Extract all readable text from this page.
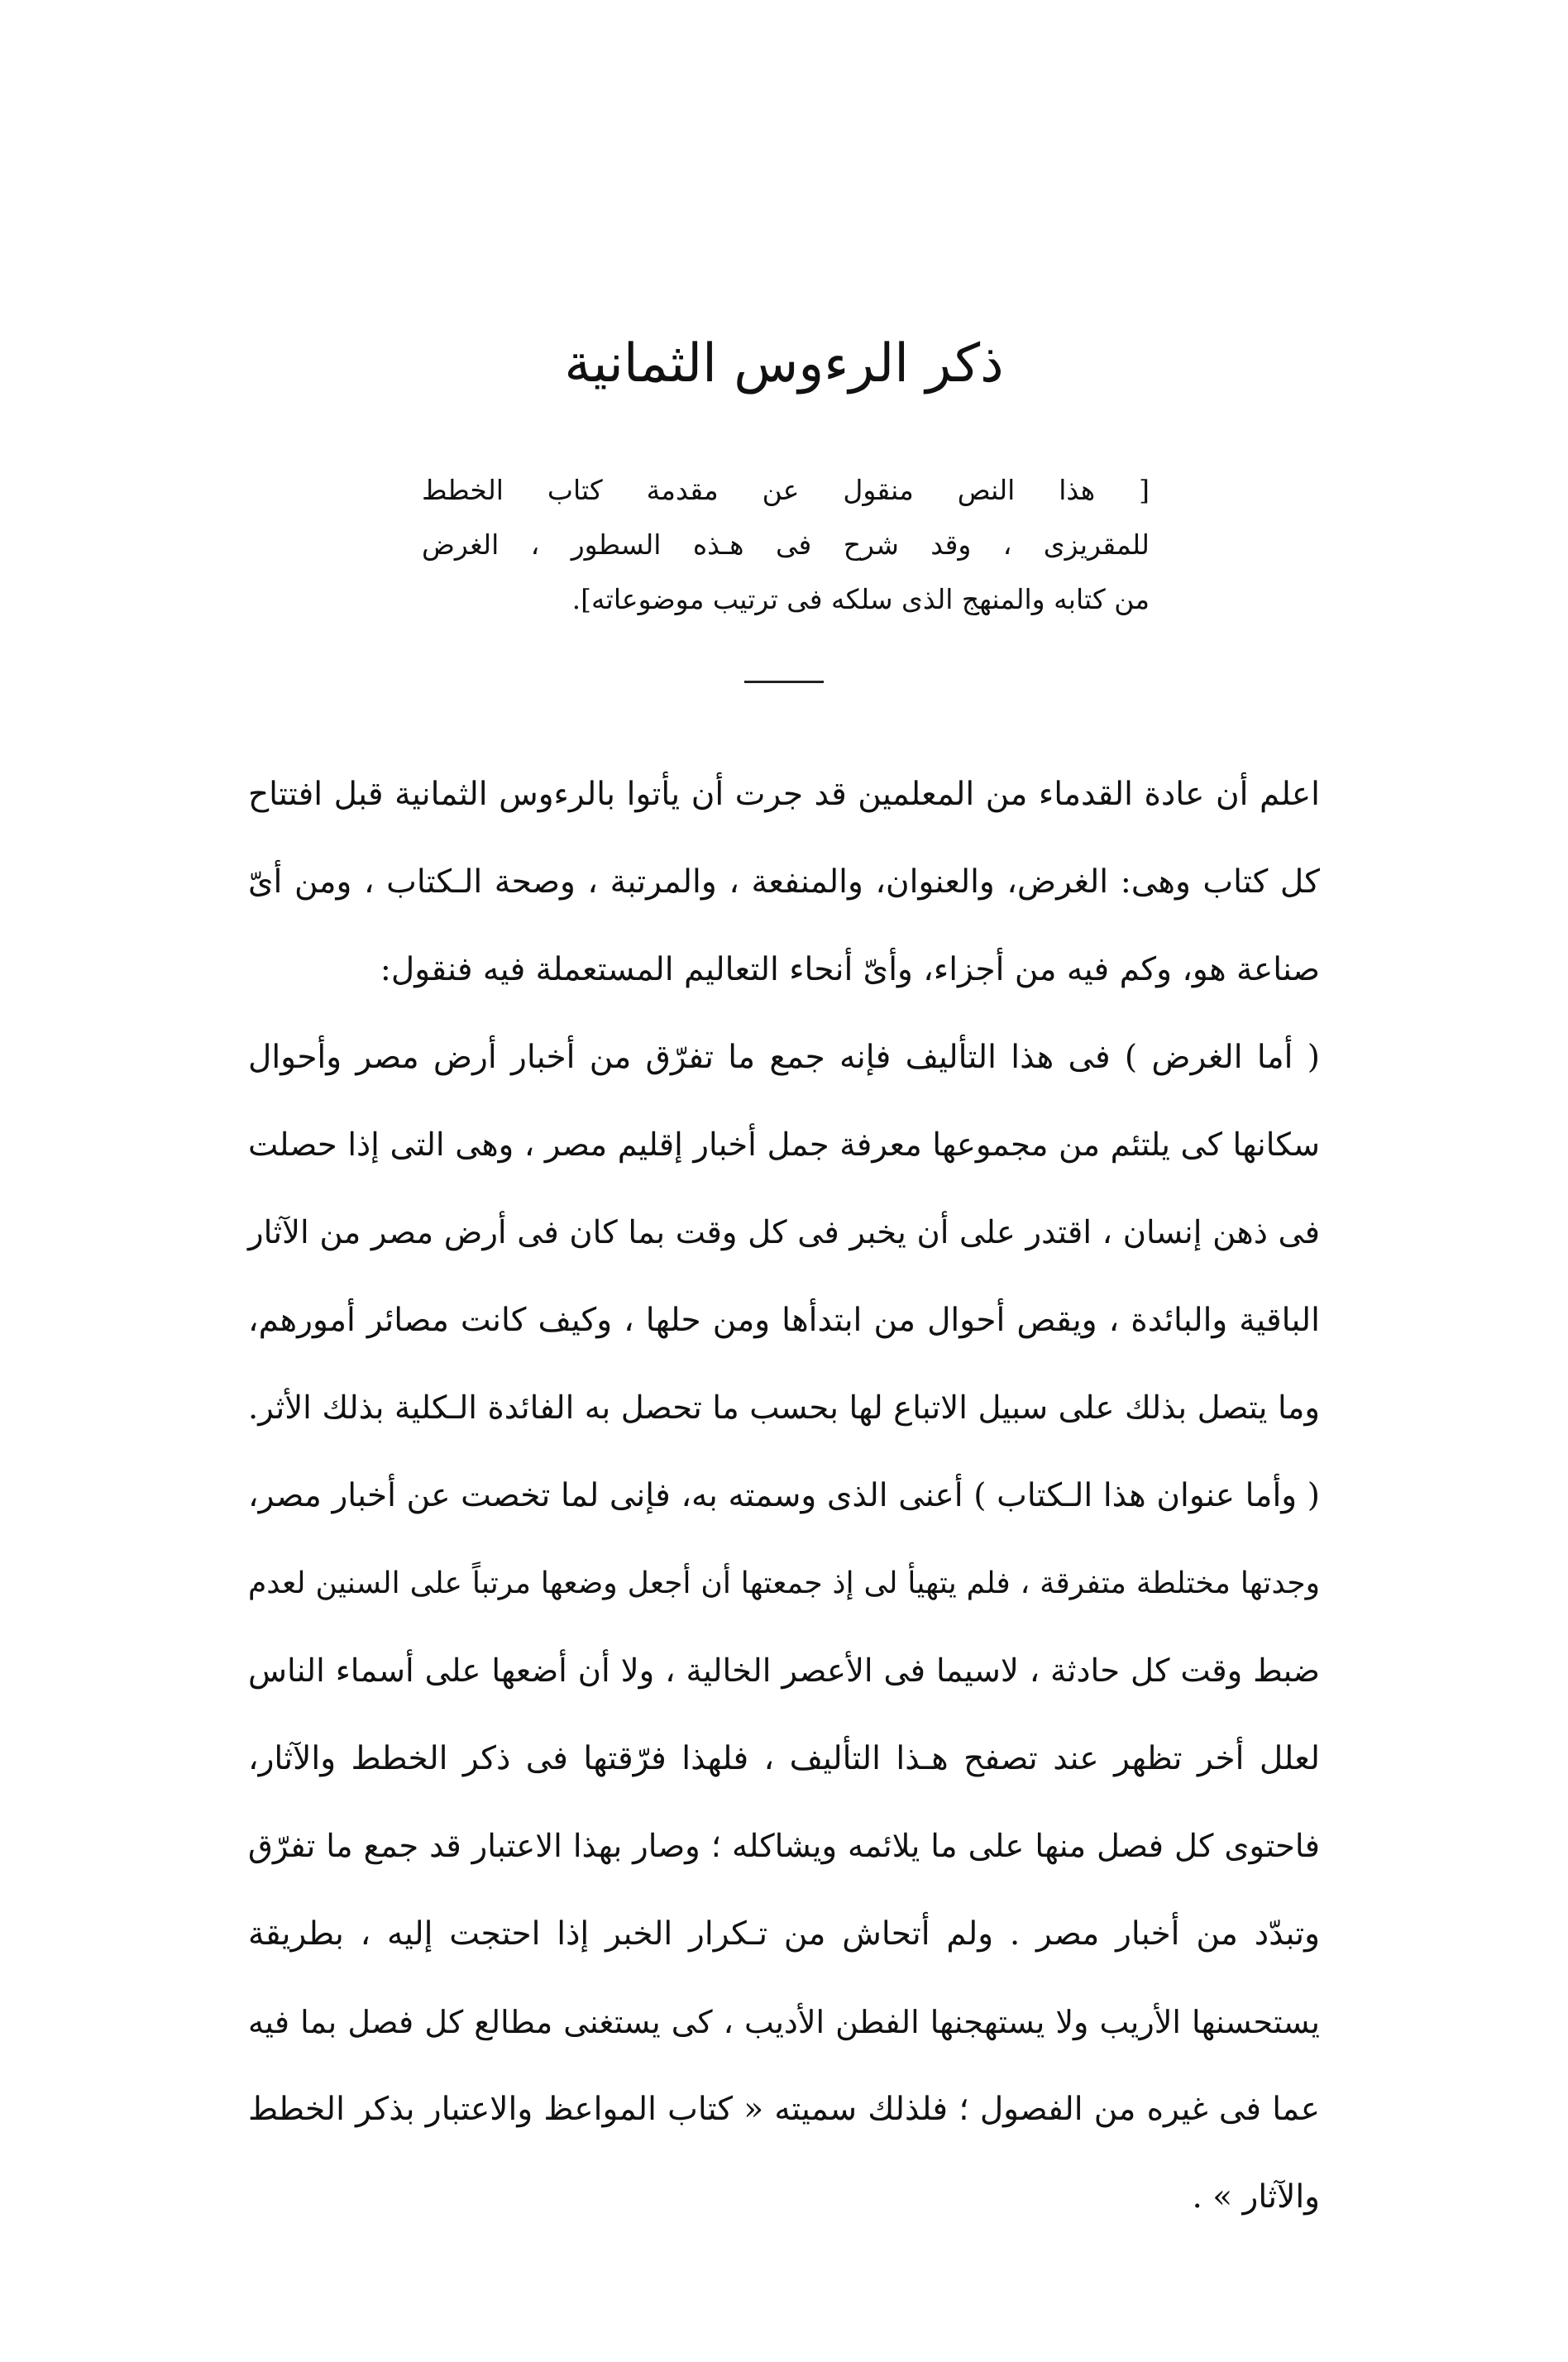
ذكر الرءوس الثمانية
[ هذا النص منقول عن مقدمة كتاب الخطط
للمقريزى ، وقد شرح فى هـذه السطور ، الغرض
من كتابه والمنهج الذى سلكه فى ترتيب موضوعاته].
اعلم أن عادة القدماء من المعلمين قد جرت أن يأتوا بالرءوس الثمانية قبل افتتاح
كل كتاب وهى: الغرض، والعنوان، والمنفعة ، والمرتبة ، وصحة الـكتاب ، ومن أىّ
صناعة هو، وكم فيه من أجزاء، وأىّ أنحاء التعاليم المستعملة فيه فنقول:
( أما الغرض ) فى هذا التأليف فإنه جمع ما تفرّق من أخبار أرض مصر وأحوال
سكانها كى يلتئم من مجموعها معرفة جمل أخبار إقليم مصر ، وهى التى إذا حصلت
فى ذهن إنسان ، اقتدر على أن يخبر فى كل وقت بما كان فى أرض مصر من الآثار
الباقية والبائدة ، ويقص أحوال من ابتدأها ومن حلها ، وكيف كانت مصائر أمورهم،
وما يتصل بذلك على سبيل الاتباع لها بحسب ما تحصل به الفائدة الـكلية بذلك الأثر.
( وأما عنوان هذا الـكتاب ) أعنى الذى وسمته به، فإنى لما تخصت عن أخبار مصر،
وجدتها مختلطة متفرقة ، فلم يتهيأ لى إذ جمعتها أن أجعل وضعها مرتباً على السنين لعدم
ضبط وقت كل حادثة ، لاسيما فى الأعصر الخالية ، ولا أن أضعها على أسماء الناس
لعلل أخر تظهر عند تصفح هـذا التأليف ، فلهذا فرّقتها فى ذكر الخطط والآثار،
فاحتوى كل فصل منها على ما يلائمه ويشاكله ؛ وصار بهذا الاعتبار قد جمع ما تفرّق
وتبدّد من أخبار مصر . ولم أتحاش من تـكرار الخبر إذا احتجت إليه ، بطريقة
يستحسنها الأريب ولا يستهجنها الفطن الأديب ، كى يستغنى مطالع كل فصل بما فيه
عما فى غيره من الفصول ؛ فلذلك سميته « كتاب المواعظ والاعتبار بذكر الخطط
والآثار » .
